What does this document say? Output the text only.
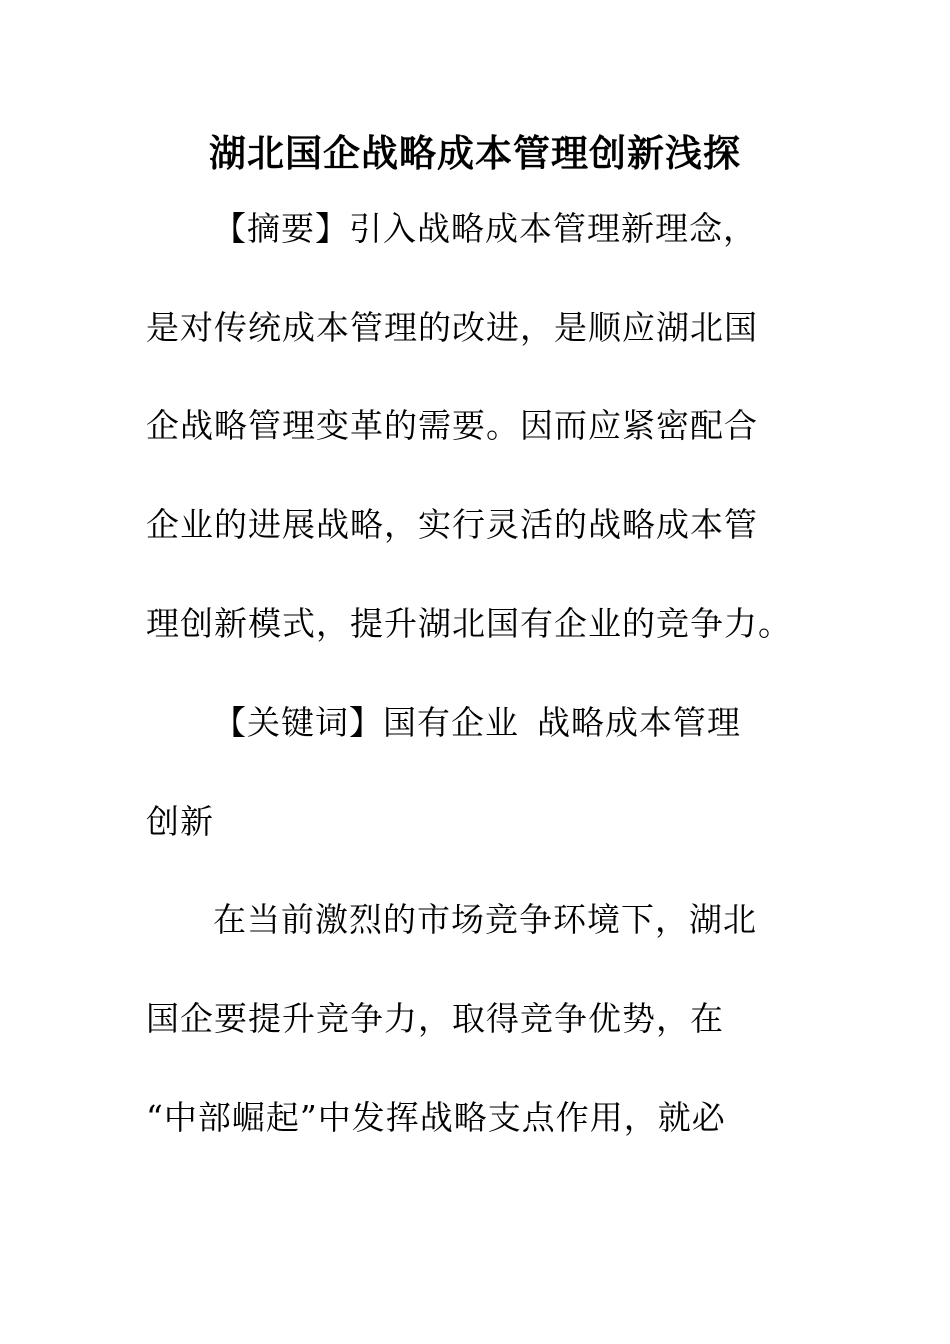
湖北国企战略成本管理创新浅探
【摘要】引入战略成本管理新理念，
是对传统成本管理的改进，是顺应湖北国
企战略管理变革的需要。因而应紧密配合
企业的进展战略，实行灵活的战略成本管
理创新模式，提升湖北国有企业的竞争力。
【关键词】国有企业 战略成本管理
创新
在当前激烈的市场竞争环境下，湖北
国企要提升竞争力，取得竞争优势，在
“中部崛起”中发挥战略支点作用，就必
